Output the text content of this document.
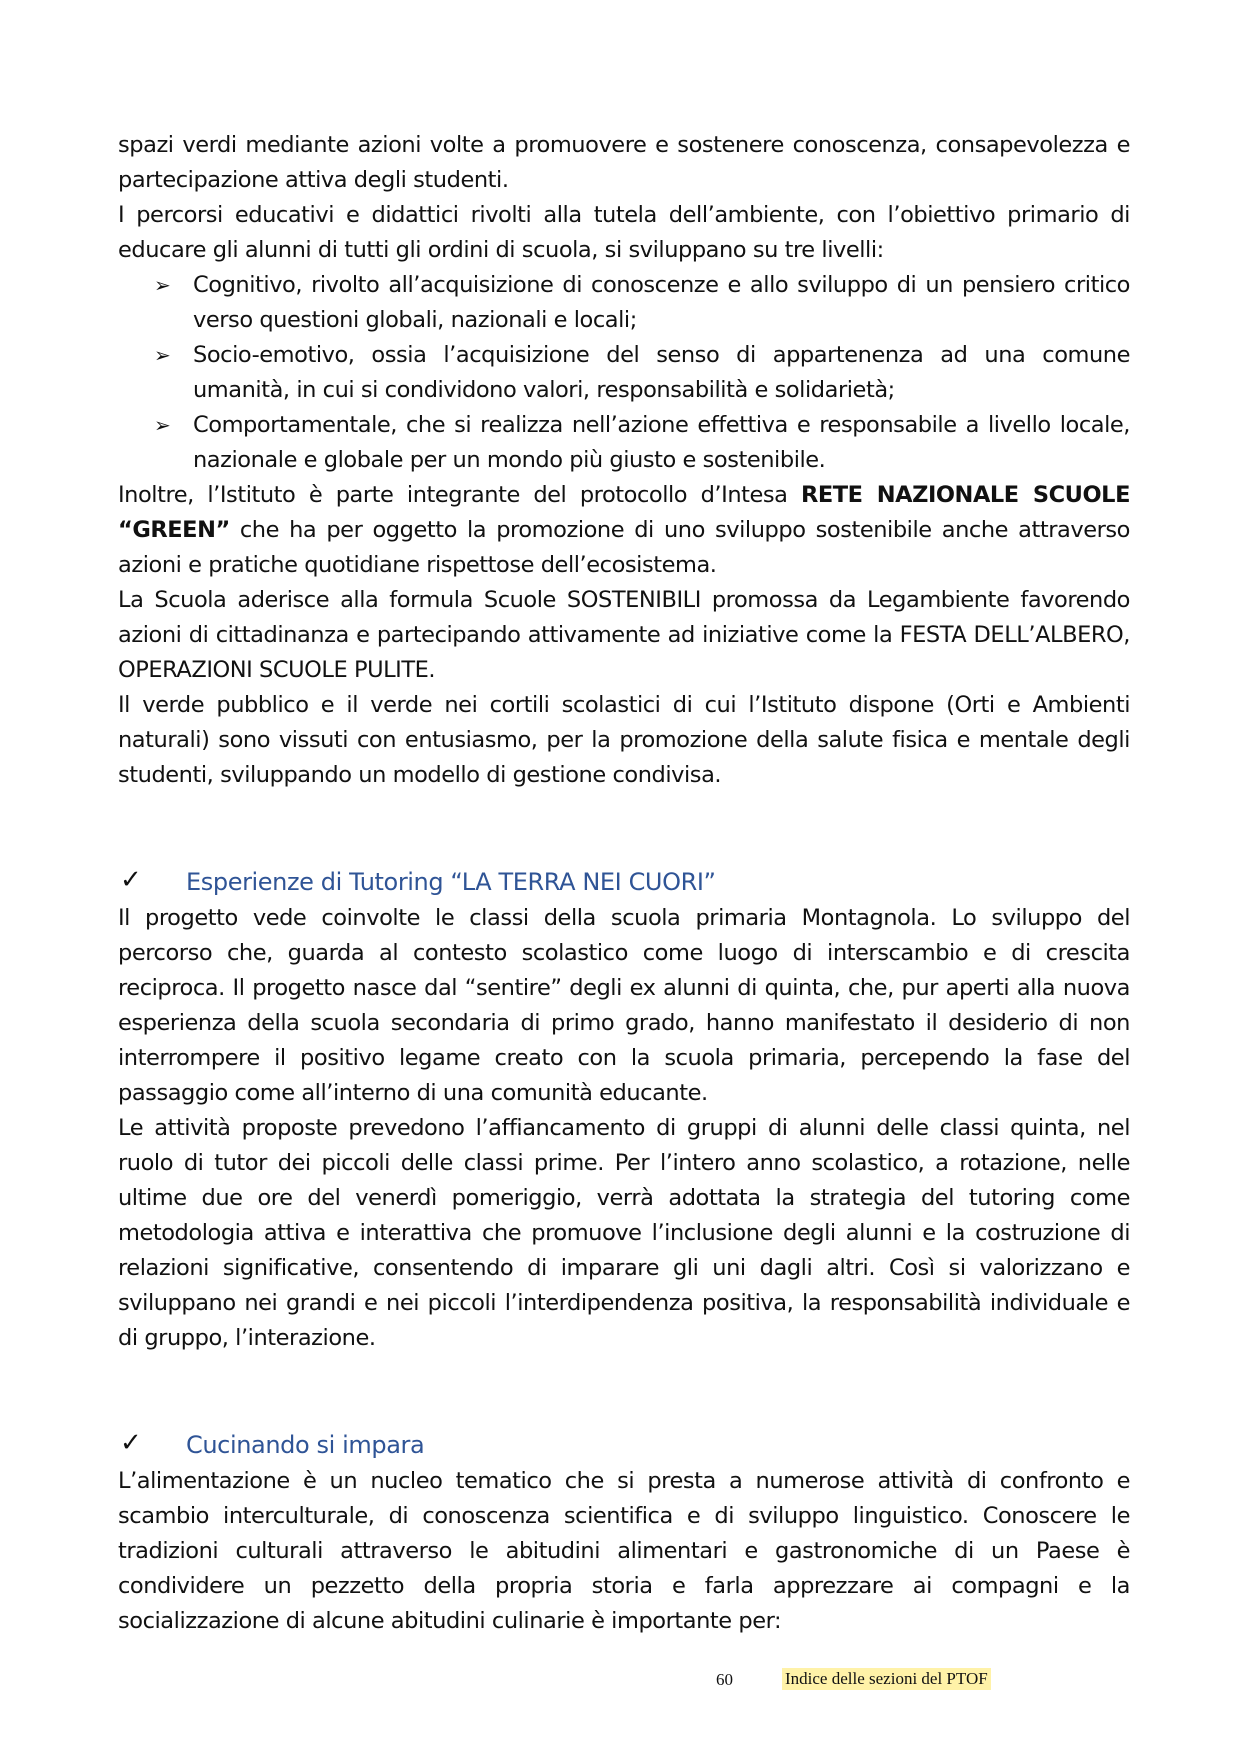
spazi verdi mediante azioni volte a promuovere e sostenere conoscenza, consapevolezza e partecipazione attiva degli studenti.

I percorsi educativi e didattici rivolti alla tutela dell’ambiente, con l’obiettivo primario di educare gli alunni di tutti gli ordini di scuola, si sviluppano su tre livelli:

➢ Cognitivo, rivolto all’acquisizione di conoscenze e allo sviluppo di un pensiero critico verso questioni globali, nazionali e locali;
➢ Socio-emotivo, ossia l’acquisizione del senso di appartenenza ad una comune umanità, in cui si condividono valori, responsabilità e solidarietà;
➢ Comportamentale, che si realizza nell’azione effettiva e responsabile a livello locale, nazionale e globale per un mondo più giusto e sostenibile.

Inoltre, l’Istituto è parte integrante del protocollo d’Intesa RETE NAZIONALE SCUOLE “GREEN” che ha per oggetto la promozione di uno sviluppo sostenibile anche attraverso azioni e pratiche quotidiane rispettose dell’ecosistema.

La Scuola aderisce alla formula Scuole SOSTENIBILI promossa da Legambiente favorendo azioni di cittadinanza e partecipando attivamente ad iniziative come la FESTA DELL’ALBERO, OPERAZIONI SCUOLE PULITE.

Il verde pubblico e il verde nei cortili scolastici di cui l’Istituto dispone (Orti e Ambienti naturali) sono vissuti con entusiasmo, per la promozione della salute fisica e mentale degli studenti, sviluppando un modello di gestione condivisa.

✓ Esperienze di Tutoring “LA TERRA NEI CUORI”

Il progetto vede coinvolte le classi della scuola primaria Montagnola. Lo sviluppo del percorso che, guarda al contesto scolastico come luogo di interscambio e di crescita reciproca. Il progetto nasce dal “sentire” degli ex alunni di quinta, che, pur aperti alla nuova esperienza della scuola secondaria di primo grado, hanno manifestato il desiderio di non interrompere il positivo legame creato con la scuola primaria, percependo la fase del passaggio come all’interno di una comunità educante.

Le attività proposte prevedono l’affiancamento di gruppi di alunni delle classi quinta, nel ruolo di tutor dei piccoli delle classi prime. Per l’intero anno scolastico, a rotazione, nelle ultime due ore del venerdì pomeriggio, verrà adottata la strategia del tutoring come metodologia attiva e interattiva che promuove l’inclusione degli alunni e la costruzione di relazioni significative, consentendo di imparare gli uni dagli altri. Così si valorizzano e sviluppano nei grandi e nei piccoli l’interdipendenza positiva, la responsabilità individuale e di gruppo, l’interazione.

✓ Cucinando si impara

L’alimentazione è un nucleo tematico che si presta a numerose attività di confronto e scambio interculturale, di conoscenza scientifica e di sviluppo linguistico. Conoscere le tradizioni culturali attraverso le abitudini alimentari e gastronomiche di un Paese è condividere un pezzetto della propria storia e farla apprezzare ai compagni e la socializzazione di alcune abitudini culinarie è importante per:

60	Indice delle sezioni del PTOF
